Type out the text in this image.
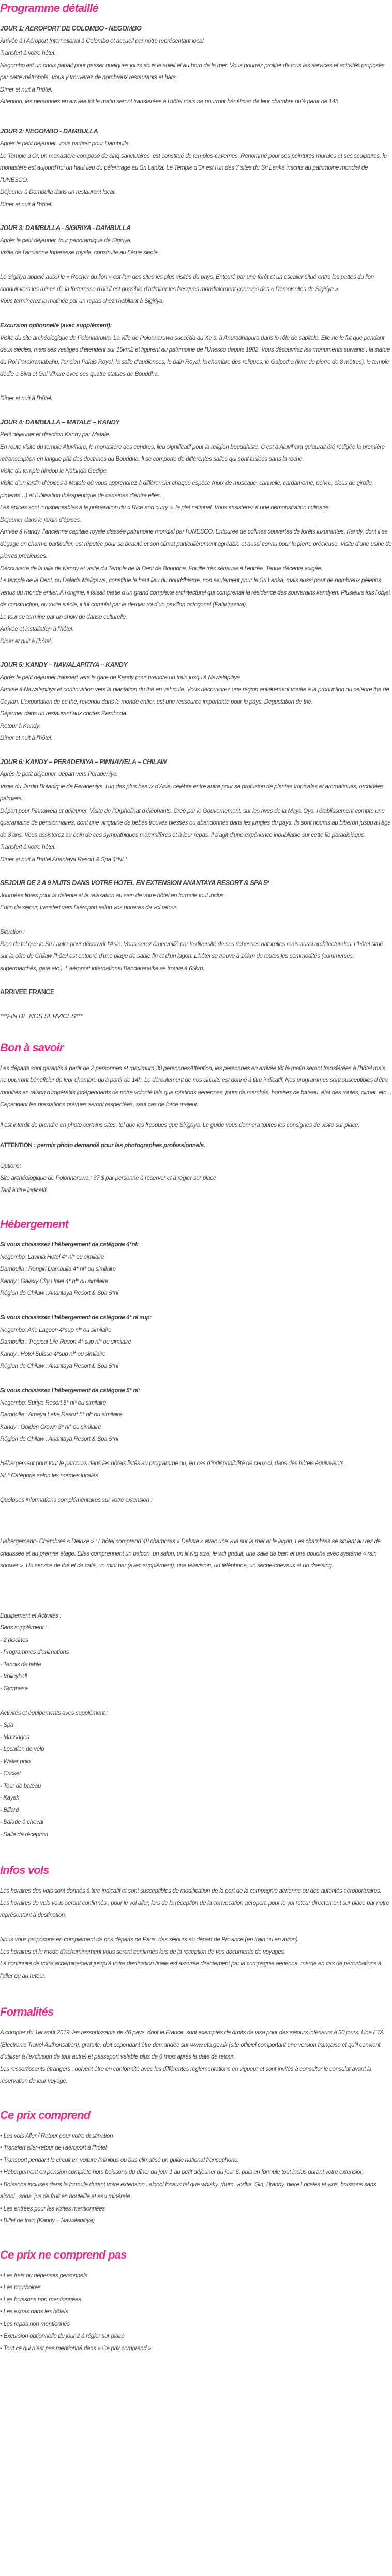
Programme détaillé
JOUR 1: AEROPORT DE COLOMBO - NEGOMBO

Arrivée à l’Aéroport International à Colombo et accueil par notre représentant local.

Transfert à votre hôtel.

Negombo est un choix parfait pour passer quelques jours sous le soleil et au bord de la mer. Vous pourrez profiter de tous les services et activités proposés par cette métropole. Vous y trouverez de nombreux restaurants et bars.

Dîner et nuit à l’hôtel.

Attention, les personnes en arrivée tôt le matin seront transférées à l’hôtel mais ne pourront bénéficier de leur chambre qu’à partir de 14h.

JOUR 2: NEGOMBO - DAMBULLA

Après le petit déjeuner, vous partirez pour Dambulla.

Le Temple d’Or, un monastère composé de cinq sanctuaires, est constitué de temples-cavernes. Renommé pour ses peintures murales et ses sculptures, le monastère est aujourd’hui un haut lieu du pèlerinage au Sri Lanka. Le Temple d’Or est l’un des 7 sites du Sri Lanka inscrits au patrimoine mondial de l’UNESCO.

Déjeuner à Dambulla dans un restaurant local.

Dîner et nuit à l’hôtel.

JOUR 3: DAMBULLA - SIGIRIYA - DAMBULLA

Après le petit déjeuner, tour panoramique de Sigiriya.

Visite de l’ancienne forteresse royale, construite au 5ème siècle.

Le Sigiriya appelé aussi le « Rocher du lion » est l’un des sites les plus visités du pays. Entouré par une forêt et un escalier situé entre les pattes du lion conduit vers les ruines de la forteresse d’où il est possible d’admirer les fresques mondialement connues des « Demoiselles de Sigiriya ».

Vous terminerez la matinée par un repas chez l’habitant à Sigiriya.

Excursion optionnelle (avec supplément):

Visite du site archéologique de Polonnaruwa. La ville de Polonnaruwa succéda au Xe s. à Anuradhapura dans le rôle de capitale. Elle ne le fut que pendant deux siècles, mais ses vestiges d’étendent sur 15km2 et figurent au patrimoine de l’Unesco depuis 1982. Vous découvriez les monuments suivants : la statue du Roi Parakramabahu, l’ancien Palais Royal, la salle d’audiences, le bain Royal, la chambre des reliques, le Galpotha (livre de pierre de 8 mètres), le temple dédie a Siva et Gal Vihare avec ses quatre statues de Bouddha.

Dîner et nuit à l’hôtel.

JOUR 4: DAMBULLA – MATALE – KANDY

Petit déjeuner et direction Kandy par Matale.

En route visite du temple Aluvihare, le monastère des cendres, lieu significatif pour la religion bouddhiste. C’est à Aluvihara qu’aurait été rédigée la première retranscription en langue pâli des doctrines du Bouddha. Il se comporte de différentes salles qui sont taillées dans la roche.

Visite du temple hindou le Nalanda Gedige.

Visite d’un jardin d’épices à Matale où vous apprendrez à différencier chaque espèce (noix de muscade, cannelle, cardamome, poivre, clous de girofle, piments…) et l’utilisation thérapeutique de certaines d’entre elles…

Les épices sont indispensables à la préparation du « Rice and curry », le plat national. Vous assisterez à une démonstration culinaire.

Déjeuner dans le jardin d’épices.

Arrivée à Kandy, l’ancienne capitale royale classée patrimoine mondial par l’UNESCO. Entourée de collines couvertes de forêts luxuriantes, Kandy, dont il se dégage un charme particulier, est réputée pour sa beauté et son climat particulièrement agréable et aussi connu pour la pierre précieuse. Visite d’une usine de pierres précieuses.

Découverte de la ville de Kandy et visite du Temple de la Dent de Bouddha, Fouille très sérieuse à l’entrée. Tenue décente exigée.

Le temple de la Dent, ou Dalada Maligawa, constitue le haut lieu du bouddhisme, non seulement pour le Sri Lanka, mais aussi pour de nombreux pèlerins venus du monde entier. A l’origine, il faisait partie d’un grand complexe architecturel qui comprenait la résidence des souverains kandyen. Plusieurs fois l’objet de construction, au xviiie siècle, il fut complet par le dernier roi d’un pavillon octogonal (Pattirippuva).

Le tour se termine par un show de danse culturelle.

Arrivée et installation à l’hôtel.

Diner et nuit à l’hôtel.

JOUR 5: KANDY – NAWALAPITIYA – KANDY

Après le petit déjeuner transfert vers la gare de Kandy pour prendre un train jusqu’à Nawalapitiya.

Arrivée à Nawalapitiya et continuation vers la plantation du thé en véhicule. Vous découvrirez une région entièrement vouée à la production du célèbre thé de Ceylan. L’exportation de ce thé, revendu dans le monde entier, est une ressource importante pour le pays. Dégustation de thé.

Déjeuner dans un restaurant aux chutes Ramboda.

Retour à Kandy.

Dîner et nuit à l’hôtel.

JOUR 6: KANDY – PERADENIYA – PINNAWELA – CHILAW

Après le petit déjeuner, départ vers Peradeniya.

Visite du Jardin Botanique de Peradeniya, l’un des plus beaux d’Asie, célèbre entre autre pour sa profusion de plantes tropicales et aromatiques, orchidées, palmiers.

Départ pour Pinnawela et déjeuner. Visite de l’Orphelinat d’éléphants. Créé par le Gouvernement, sur les rives de la Maya Oya, l’établissement compte une quarantaine de pensionnaires, dont une vingtaine de bébés trouvés blessés ou abandonnés dans les jungles du pays. Ils sont nourris au biberon jusqu’à l’âge de 3 ans. Vous assisterez au bain de ces sympathiques mammifères et à leur repas. Il s’agit d’une expérience inoubliable sur cette île paradisiaque.

Transfert à votre hôtel.

Dîner et nuit à l’hôtel Anantaya Resort & Spa 4*NL*.

SEJOUR DE 2 A 9 NUITS DANS VOTRE HOTEL EN EXTENSION ANANTAYA RESORT & SPA 5*

Journées libres pour la détente et la relaxation au sein de votre hôtel en formule tout inclus.

Enfin de séjour, transfert vers l’aéroport selon vos horaires de vol retour.

Situation :

Rien de tel que le Sri Lanka pour découvrir l’Asie. Vous serez émerveillé par la diversité de ses richesses naturelles mais aussi architecturales. L’hôtel situé sur la côte de Chilaw l’hôtel est entouré d’une plage de sable fin et d’un lagon. L’hôtel se trouve à 10km de toutes les commodités (commerces, supermarchés, gare etc.). L’aéroport international Bandaranaike se trouve à 65km.

ARRIVEE FRANCE

***FIN DE NOS SERVICES***

Bon à savoir

Les départs sont garantis à partir de 2 personnes et maximum 30 personnesAttention, les personnes en arrivée tôt le matin seront transférées à l’hôtel mais ne pourront bénéficier de leur chambre qu’à partir de 14h. Le déroulement de nos circuits est donné à titre indicatif. Nos programmes sont susceptibles d’être modifiés en raison d’impératifs indépendants de notre volonté tels que rotations aériennes, jours de marchés, horaires de bateau, état des routes, climat, etc…

Cependant les prestations prévues seront respectées, sauf cas de force majeur.

Il est interdit de prendre en photo certains sites, tel que les fresques que Sirigaya. Le guide vous donnera toutes les consignes de visite sur place.

ATTENTION : permis photo demandé pour les photographes professionnels.

Options:

Site archéologique de Polonnaruwa : 37 $ par personne à réserver et à régler sur place

Tarif à titre indicatif.

Hébergement

Si vous choisissez l’hébergement de catégorie 4*nl:

Negombo: Lavinia Hotel 4* nl* ou similaire

Dambulla : Rangiri Dambulla 4* nl* ou similaire

Kandy : Galaxy City Hotel 4* nl* ou similaire

Région de Chilaw : Anantaya Resort & Spa 5*nl

Si vous choisissez l’hébergement de catégorie 4* nl sup:

Negombo: Arie Lagoon 4*sup nl* ou similaire

Dambulla : Tropical Life Resort 4* sup nl* ou similaire

Kandy : Hotel Suisse 4*sup nl* ou similaire

Région de Chilaw : Anantaya Resort & Spa 5*nl

Si vous choisissez l’hébergement de catégorie 5* nl:

Negombo: Suriya Resort 5* nl* ou similaire

Dambulla : Amaya Lake Resort 5* nl* ou similaire

Kandy : Golden Crown 5* nl* ou similaire

Région de Chilaw : Anantaya Resort & Spa 5*nl

Hébergement pour tout le parcours dans les hôtels listés au programme ou, en cas d’indisponibilité de ceux-ci, dans des hôtels équivalents.

NL* Catégorie selon les normes locales

Quelques informations complémentaires sur votre extension :

Hebergement:- Chambres « Deluxe » : L’hôtel comprend 48 chambres « Deluxe » avec une vue sur la mer et le lagon. Les chambres se situent au rez de chaussée et au premier étage. Elles comprennent un balcon, un salon, un lit Kig size, le wifi gratuit, une salle de bain et une douche avec système « rain shower ». Un service de thé et de café, un mini bar (avec supplément), une télévision, un téléphone, un sèche-cheveux et un dressing.

Equipement et Activités :

Sans supplément :

- 2 piscines
- Programmes d’animations
- Tennis de table
- Volleyball
- Gymnase

Activités et équipements aves supplément :

- Spa
- Massages
- Location de vélo
- Water polo
- Cricket
- Tour de bateau
- Kayak
- Billard
- Balade à cheval
- Salle de réception
Infos vols

Les horaires des vols sont donnés à titre indicatif et sont susceptibles de modification de la part de la compagnie aérienne ou des autorités aéroportuaires.

Les horaires de vols vous seront confirmés : pour le vol aller, lors de la réception de la convocation aéroport, pour le vol retour directement sur place par notre représentant à destination.

Nous vous proposons en complément de nos départs de Paris, des séjours au départ de Province (en train ou en avion).

Les horaires et le mode d’acheminement vous seront confirmés lors de la réception de vos documents de voyages.

La continuité de votre acheminement jusqu’à votre destination finale est assurée directement par la compagnie aérienne, même en cas de perturbations à l’aller ou au retour.

Formalités

A compter du 1er août 2019, les ressortissants de 46 pays, dont la France, sont exemptés de droits de visa pour des séjours inférieurs à 30 jours. Une ETA (Electronic Travel Authorisation), gratuite, doit cependant être demandée sur www.eta.gov.lk (site officiel comportant une version française et qu’il convient d’utiliser à l’exclusion de tout autre) et passeport valable plus de 6 mois après la date de retour.

Les ressortissants étrangers : doivent être en conformité avec les différentes règlementations en vigueur et sont invités à consulter le consulat avant la réservation de leur voyage.

Ce prix comprend
• Les vols Aller / Retour pour votre destination
• Transfert aller-retour de l’aéroport à l’hôtel
• Transport pendant le circuit en voiture /minibus ou bus climatisé un guide national francophone.
• Hébergement en pension complète hors boissons du dîner du jour 1 au petit déjeuner du jour 6, puis en formule tout inclus durant votre extension.
• Boissons incluses dans la formule durant votre extension : alcool locaux tel que whisky, rhum, vodka, Gin, Brandy, bière Locales et vins, boissons sans alcool , soda, jus de fruit en bouteille et eau minérale .
• Les entrées pour les visites mentionnées
• Billet de train (Kandy – Nawalapitiya)
Ce prix ne comprend pas
• Les frais ou dépenses personnels
• Les pourboires
• Les boissons non mentionnées
• Les extras dans les hôtels
• Les repas non mentionnés
• Excursion optionnelle du jour 2 à régler sur place
• Tout ce qui n’est pas mentionné dans « Ce prix comprend »
